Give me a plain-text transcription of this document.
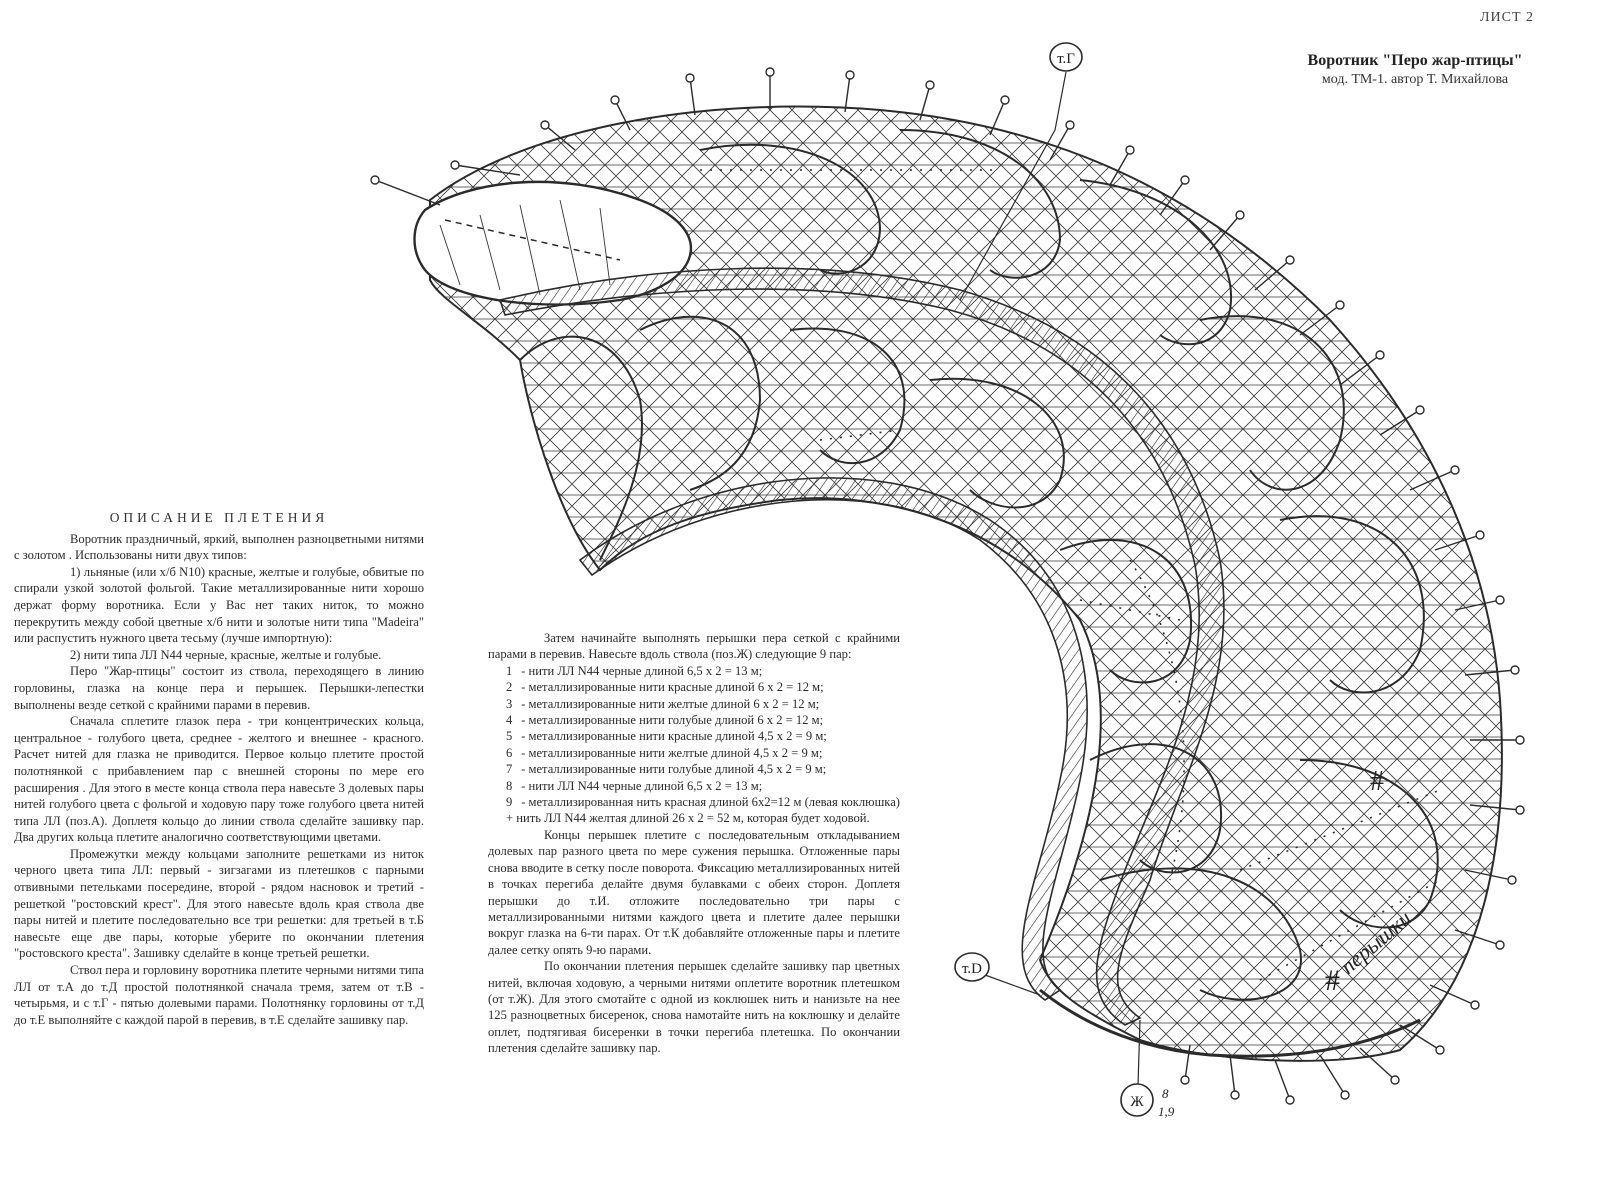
ЛИСТ 2
Воротник "Перо жар-птицы"
мод. ТМ-1. автор Т. Михайлова
т.Г
т.D
Ж
8
1,9
#
#
перышки
ОПИСАНИЕ ПЛЕТЕНИЯ

Воротник праздничный, яркий, выполнен разноцветными нитями с золотом . Использованы нити двух типов:

1) льняные (или х/б N10) красные, желтые и голубые, обвитые по спирали узкой золотой фольгой. Такие металлизированные нити хорошо держат форму воротника. Если у Вас нет таких ниток, то можно перекрутить между собой цветные х/б нити и золотые нити типа "Madeira" или распустить нужного цвета тесьму (лучше импортную):

2) нити типа ЛЛ N44 черные, красные, желтые и голубые.

Перо "Жар-птицы" состоит из ствола, переходящего в линию горловины, глазка на конце пера и перышек. Перышки-лепестки выполнены везде сеткой с крайними парами в перевив.

Сначала сплетите глазок пера - три концентрических кольца, центральное - голубого цвета, среднее - желтого и внешнее - красного. Расчет нитей для глазка не приводится. Первое кольцо плетите простой полотнянкой с прибавлением пар с внешней стороны по мере его расширения . Для этого в месте конца ствола пера навесьте 3 долевых пары нитей голубого цвета с фольгой и ходовую пару тоже голубого цвета нитей типа ЛЛ (поз.А). Доплетя кольцо до линии ствола сделайте зашивку пар. Два других кольца плетите аналогично соответствующими цветами.

Промежутки между кольцами заполните решетками из ниток черного цвета типа ЛЛ: первый - зигзагами из плетешков с парными отвивными петельками посередине, второй - рядом насновок и третий - решеткой "ростовский крест". Для этого навесьте вдоль края ствола две пары нитей и плетите последовательно все три решетки: для третьей в т.Б навесьте еще две пары, которые уберите по окончании плетения "ростовского креста". Зашивку сделайте в конце третьей решетки.

Ствол пера и горловину воротника плетите черными нитями типа ЛЛ от т.А до т.Д простой полотнянкой сначала тремя, затем от т.В - четырьмя, и с т.Г - пятью долевыми парами. Полотнянку горловины от т.Д до т.Е выполняйте с каждой парой в перевив, в т.Е сделайте зашивку пар.

Затем начинайте выполнять перышки пера сеткой с крайними парами в перевив. Навесьте вдоль ствола (поз.Ж) следующие 9 пар:

1 - нити ЛЛ N44 черные длиной 6,5 х 2 = 13 м;
2 - металлизированные нити красные длиной 6 х 2 = 12 м;
3 - металлизированные нити желтые длиной 6 х 2 = 12 м;
4 - металлизированные нити голубые длиной 6 х 2 = 12 м;
5 - металлизированные нити красные длиной 4,5 х 2 = 9 м;
6 - металлизированные нити желтые длиной 4,5 х 2 = 9 м;
7 - металлизированные нити голубые длиной 4,5 х 2 = 9 м;
8 - нити ЛЛ N44 черные длиной 6,5 х 2 = 13 м;
9 - металлизированная нить красная длиной 6х2=12 м (левая коклюшка) + нить ЛЛ N44 желтая длиной 26 х 2 = 52 м, которая будет ходовой.

Концы перышек плетите с последовательным откладыванием долевых пар разного цвета по мере сужения перышка. Отложенные пары снова вводите в сетку после поворота. Фиксацию металлизированных нитей в точках перегиба делайте двумя булавками с обеих сторон. Доплетя перышки до т.И. отложите последовательно три пары с металлизированными нитями каждого цвета и плетите далее перышки вокруг глазка на 6-ти парах. От т.К добавляйте отложенные пары и плетите далее сетку опять 9-ю парами.

По окончании плетения перышек сделайте зашивку пар цветных нитей, включая ходовую, а черными нитями оплетите воротник плетешком (от т.Ж). Для этого смотайте с одной из коклюшек нить и нанизьте на нее 125 разноцветных бисеренок, снова намотайте нить на коклюшку и делайте оплет, подтягивая бисеренки в точки перегиба плетешка. По окончании плетения сделайте зашивку пар.
